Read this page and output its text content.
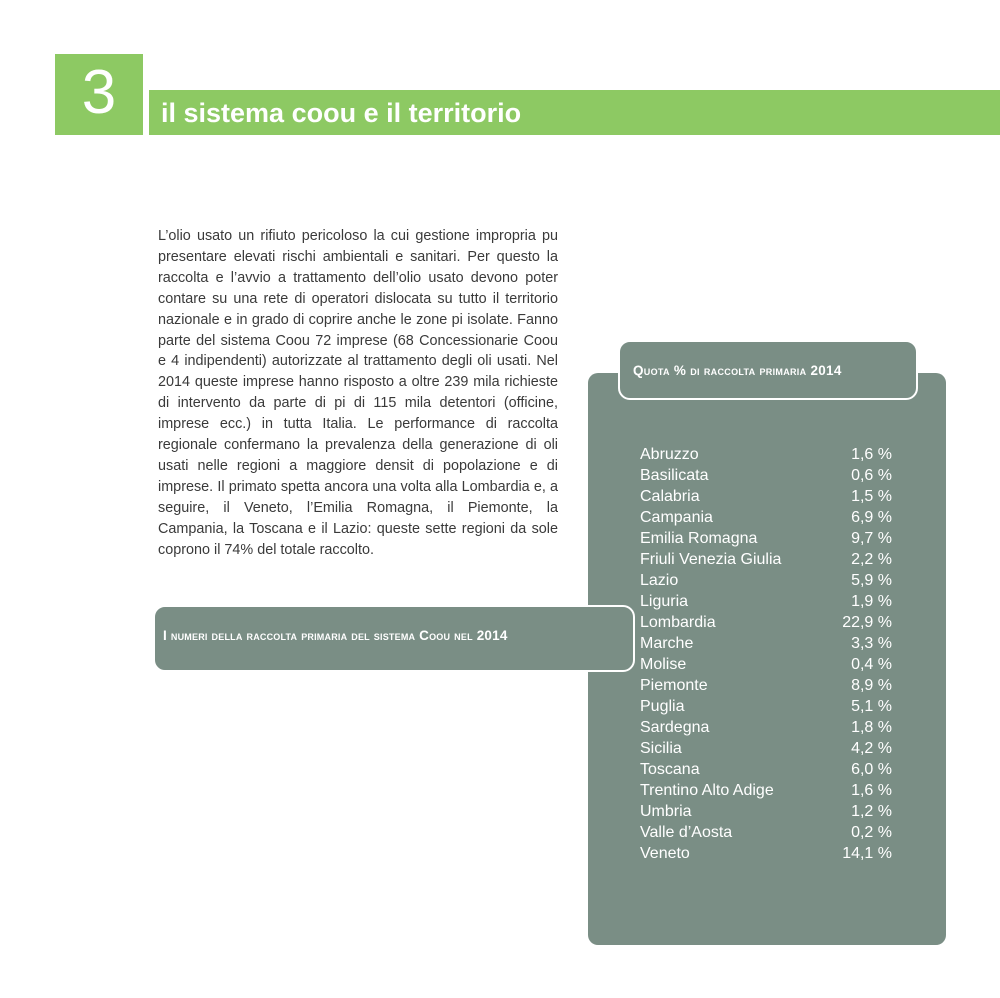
3	il sistema coou e il territorio

L’olio usato un rifiuto pericoloso la cui gestione impropria pu presentare elevati rischi ambientali e sanitari. Per questo la raccolta e l’avvio a trattamento dell’olio usato devono poter contare su una rete di operatori dislocata su tutto il territorio nazionale e in grado di coprire anche le zone pi isolate. Fanno parte del sistema Coou 72 imprese (68 Concessionarie Coou e 4 indipendenti) autorizzate al trattamento degli oli usati. Nel 2014 queste imprese hanno risposto a oltre 239 mila richieste di intervento da parte di pi di 115 mila detentori (officine, imprese ecc.) in tutta Italia. Le performance di raccolta regionale confermano la prevalenza della generazione di oli usati nelle regioni a maggiore densit di popolazione e di imprese. Il primato spetta ancora una volta alla Lombardia e, a seguire, il Veneto, l’Emilia Romagna, il Piemonte, la Campania, la Toscana e il Lazio: queste sette regioni da sole coprono il 74% del totale raccolto.

Quota % di raccolta primaria 2014
Abruzzo	1,6 %
Basilicata	0,6 %
Calabria	1,5 %
Campania	6,9 %
Emilia Romagna	9,7 %
Friuli Venezia Giulia	2,2 %
Lazio	5,9 %
Liguria	1,9 %
Lombardia	22,9 %
Marche	3,3 %
Molise	0,4 %
Piemonte	8,9 %
Puglia	5,1 %
Sardegna	1,8 %
Sicilia	4,2 %
Toscana	6,0 %
Trentino Alto Adige	1,6 %
Umbria	1,2 %
Valle d’Aosta	0,2 %
Veneto	14,1 %
I numeri della raccolta primaria del sistema Coou nel 2014
